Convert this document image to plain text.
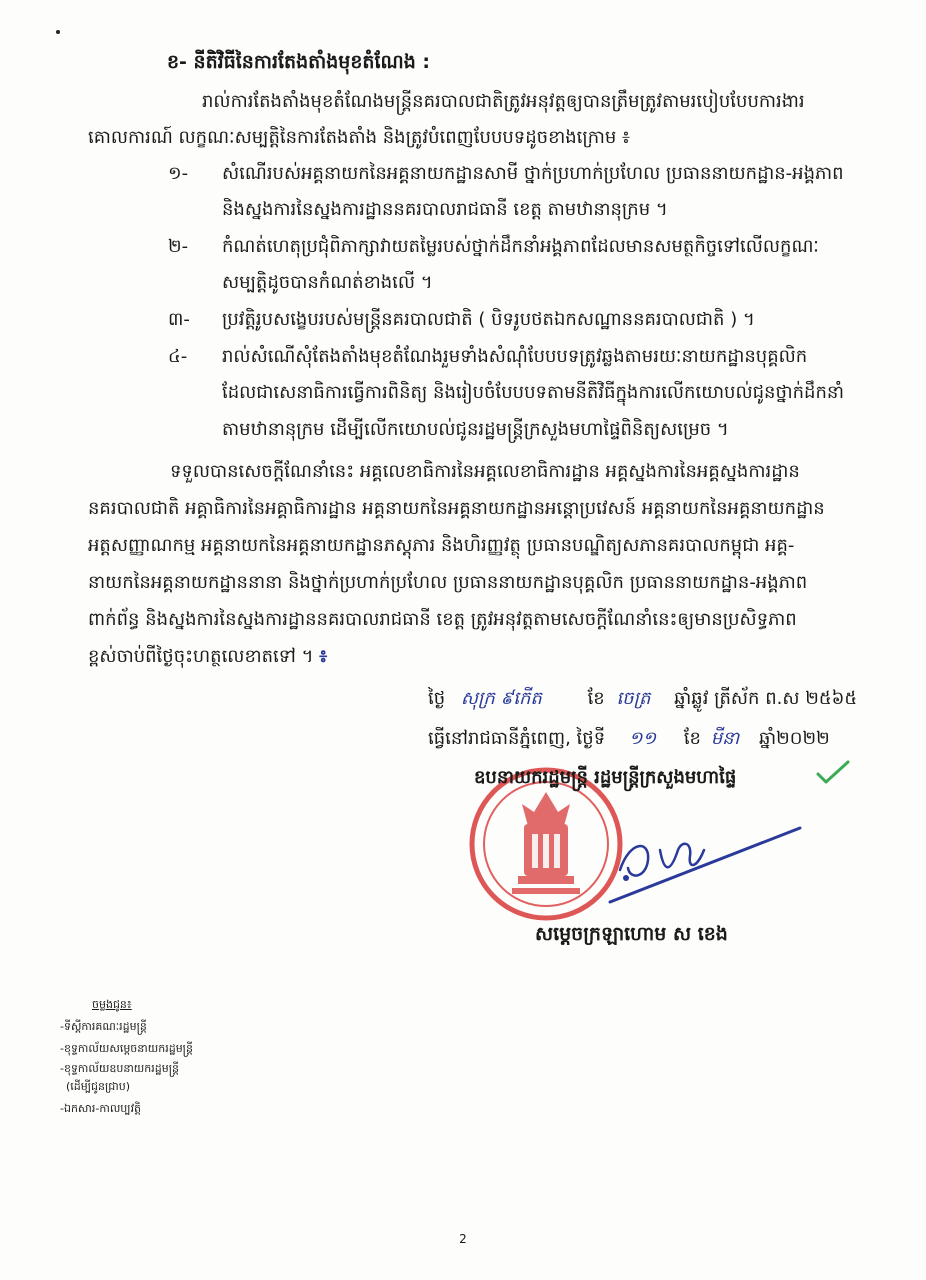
ខ- នីតិវិធីនៃការតែងតាំងមុខតំណែង :
រាល់ការតែងតាំងមុខតំណែងមន្ត្រីនគរបាលជាតិត្រូវអនុវត្តឲ្យបានត្រឹមត្រូវតាមរបៀបបែបការងារ
គោលការណ៍ លក្ខណៈសម្បត្តិនៃការតែងតាំង និងត្រូវបំពេញបែបបទដូចខាងក្រោម ៖
១- សំណើរបស់អគ្គនាយកនៃអគ្គនាយកដ្ឋានសាមី ថ្នាក់ប្រហាក់ប្រហែល ប្រធាននាយកដ្ឋាន-អង្គភាព
និងស្នងការនៃស្នងការដ្ឋាននគរបាលរាជធានី ខេត្ត តាមឋានានុក្រម ។
២- កំណត់ហេតុប្រជុំពិភាក្សាវាយតម្លៃរបស់ថ្នាក់ដឹកនាំអង្គភាពដែលមានសមត្ថកិច្ចទៅលើលក្ខណៈ
សម្បត្តិដូចបានកំណត់ខាងលើ ។
៣- ប្រវត្តិរូបសង្ខេបរបស់មន្ត្រីនគរបាលជាតិ ( បិទរូបថតឯកសណ្ឋាននគរបាលជាតិ ) ។
៤- រាល់សំណើសុំតែងតាំងមុខតំណែងរួមទាំងសំណុំបែបបទត្រូវឆ្លងតាមរយៈនាយកដ្ឋានបុគ្គលិក
ដែលជាសេនាធិការធ្វើការពិនិត្យ និងរៀបចំបែបបទតាមនីតិវិធីក្នុងការលើកយោបល់ជូនថ្នាក់ដឹកនាំ
តាមឋានានុក្រម ដើម្បីលើកយោបល់ជូនរដ្ឋមន្ត្រីក្រសួងមហាផ្ទៃពិនិត្យសម្រេច ។
ទទួលបានសេចក្តីណែនាំនេះ អគ្គលេខាធិការនៃអគ្គលេខាធិការដ្ឋាន អគ្គស្នងការនៃអគ្គស្នងការដ្ឋាន
នគរបាលជាតិ អគ្គាធិការនៃអគ្គាធិការដ្ឋាន អគ្គនាយកនៃអគ្គនាយកដ្ឋានអន្តោប្រវេសន៍ អគ្គនាយកនៃអគ្គនាយកដ្ឋាន
អត្តសញ្ញាណកម្ម អគ្គនាយកនៃអគ្គនាយកដ្ឋានភស្តុភារ និងហិរញ្ញវត្ថុ ប្រធានបណ្ឌិត្យសភានគរបាលកម្ពុជា អគ្គ-
នាយកនៃអគ្គនាយកដ្ឋាននានា និងថ្នាក់ប្រហាក់ប្រហែល ប្រធាននាយកដ្ឋានបុគ្គលិក ប្រធាននាយកដ្ឋាន-អង្គភាព
ពាក់ព័ន្ធ និងស្នងការនៃស្នងការដ្ឋាននគរបាលរាជធានី ខេត្ត ត្រូវអនុវត្តតាមសេចក្តីណែនាំនេះឲ្យមានប្រសិទ្ធភាព
ខ្ពស់ចាប់ពីថ្ងៃចុះហត្ថលេខាតទៅ ។ ៖
ថ្ងៃ សុក្រ ៩កើត	ខែ ចេត្រ ឆ្នាំឆ្លូវ ត្រីស័ក ព.ស ២៥៦៥
ធ្វើនៅរាជធានីភ្នំពេញ, ថ្ងៃទី ១១ ខែ មីនា ឆ្នាំ២០២២
ឧបនាយករដ្ឋមន្ត្រី រដ្ឋមន្ត្រីក្រសួងមហាផ្ទៃ
សម្តេចក្រឡាហោម ស ខេង
ចម្លងជូន៖
-ទីស្តីការគណៈរដ្ឋមន្ត្រី
-ខុទ្ទកាល័យសម្តេចនាយករដ្ឋមន្ត្រី
-ខុទ្ទកាល័យឧបនាយករដ្ឋមន្ត្រី
(ដើម្បីជូនជ្រាប)
-ឯកសារ-កាលប្បវត្តិ
2
